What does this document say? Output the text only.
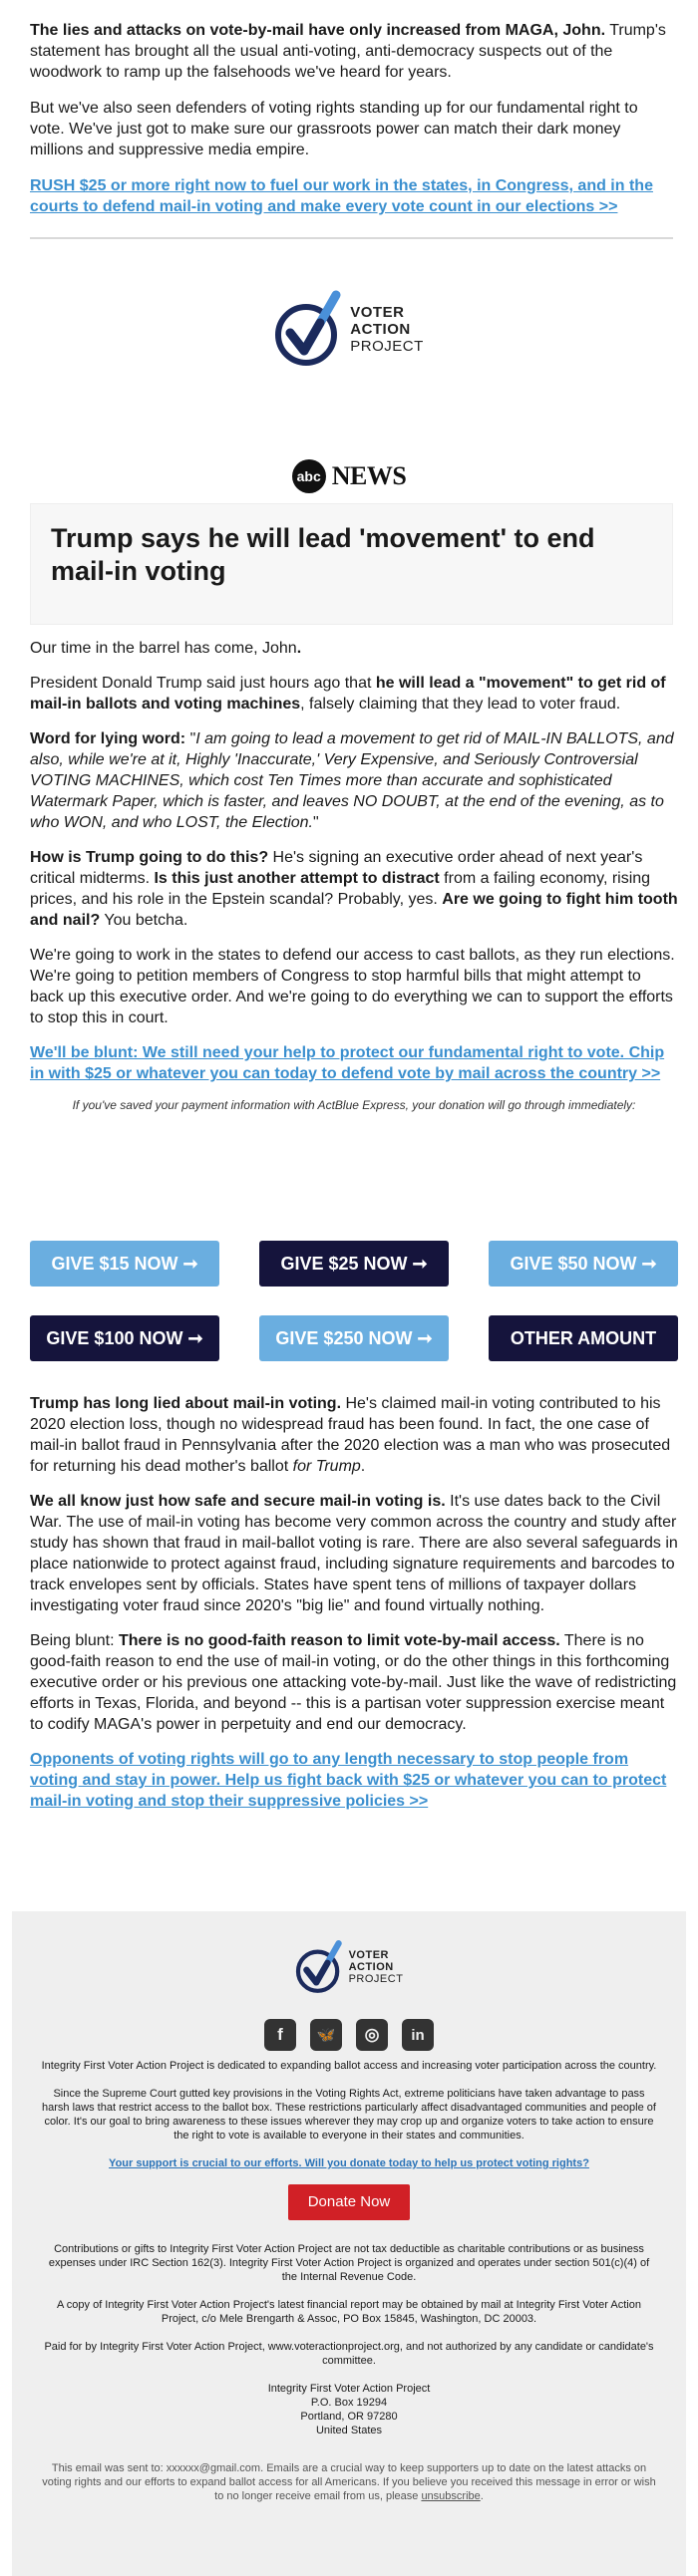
The lies and attacks on vote-by-mail have only increased from MAGA, John. Trump's statement has brought all the usual anti-voting, anti-democracy suspects out of the woodwork to ramp up the falsehoods we've heard for years.

But we've also seen defenders of voting rights standing up for our fundamental right to vote. We've just got to make sure our grassroots power can match their dark money millions and suppressive media empire.

RUSH $25 or more right now to fuel our work in the states, in Congress, and in the courts to defend mail-in voting and make every vote count in our elections >>
VOTER
ACTION
PROJECT
abc NEWS
Trump says he will lead 'movement' to end mail-in voting

Our time in the barrel has come, John.

President Donald Trump said just hours ago that he will lead a "movement" to get rid of mail-in ballots and voting machines, falsely claiming that they lead to voter fraud.

Word for lying word: "I am going to lead a movement to get rid of MAIL-IN BALLOTS, and also, while we're at it, Highly 'Inaccurate,' Very Expensive, and Seriously Controversial VOTING MACHINES, which cost Ten Times more than accurate and sophisticated Watermark Paper, which is faster, and leaves NO DOUBT, at the end of the evening, as to who WON, and who LOST, the Election."

How is Trump going to do this? He's signing an executive order ahead of next year's critical midterms. Is this just another attempt to distract from a failing economy, rising prices, and his role in the Epstein scandal? Probably, yes. Are we going to fight him tooth and nail? You betcha.

We're going to work in the states to defend our access to cast ballots, as they run elections. We're going to petition members of Congress to stop harmful bills that might attempt to back up this executive order. And we're going to do everything we can to support the efforts to stop this in court.

We'll be blunt: We still need your help to protect our fundamental right to vote. Chip in with $25 or whatever you can today to defend vote by mail across the country >>

If you've saved your payment information with ActBlue Express, your donation will go through immediately:

GIVE $15 NOW ➞	GIVE $25 NOW ➞	GIVE $50 NOW ➞
GIVE $100 NOW ➞	GIVE $250 NOW ➞	OTHER AMOUNT

Trump has long lied about mail-in voting. He's claimed mail-in voting contributed to his 2020 election loss, though no widespread fraud has been found. In fact, the one case of mail-in ballot fraud in Pennsylvania after the 2020 election was a man who was prosecuted for returning his dead mother's ballot for Trump.

We all know just how safe and secure mail-in voting is. It's use dates back to the Civil War. The use of mail-in voting has become very common across the country and study after study has shown that fraud in mail-ballot voting is rare. There are also several safeguards in place nationwide to protect against fraud, including signature requirements and barcodes to track envelopes sent by officials. States have spent tens of millions of taxpayer dollars investigating voter fraud since 2020's "big lie" and found virtually nothing.

Being blunt: There is no good-faith reason to limit vote-by-mail access. There is no good-faith reason to end the use of mail-in voting, or do the other things in this forthcoming executive order or his previous one attacking vote-by-mail. Just like the wave of redistricting efforts in Texas, Florida, and beyond -- this is a partisan voter suppression exercise meant to codify MAGA's power in perpetuity and end our democracy.

Opponents of voting rights will go to any length necessary to stop people from voting and stay in power. Help us fight back with $25 or whatever you can to protect mail-in voting and stop their suppressive policies >>
VOTER
ACTION
PROJECT
f	🦋	◎	in

Integrity First Voter Action Project is dedicated to expanding ballot access and increasing voter participation across the country.

Since the Supreme Court gutted key provisions in the Voting Rights Act, extreme politicians have taken advantage to pass harsh laws that restrict access to the ballot box. These restrictions particularly affect disadvantaged communities and people of color. It's our goal to bring awareness to these issues wherever they may crop up and organize voters to take action to ensure the right to vote is available to everyone in their states and communities.

Your support is crucial to our efforts. Will you donate today to help us protect voting rights?

Donate Now

Contributions or gifts to Integrity First Voter Action Project are not tax deductible as charitable contributions or as business expenses under IRC Section 162(3). Integrity First Voter Action Project is organized and operates under section 501(c)(4) of the Internal Revenue Code.

A copy of Integrity First Voter Action Project's latest financial report may be obtained by mail at Integrity First Voter Action Project, c/o Mele Brengarth & Assoc, PO Box 15845, Washington, DC 20003.

Paid for by Integrity First Voter Action Project, www.voteractionproject.org, and not authorized by any candidate or candidate's committee.

Integrity First Voter Action Project
P.O. Box 19294
Portland, OR 97280
United States

This email was sent to: xxxxxx@gmail.com. Emails are a crucial way to keep supporters up to date on the latest attacks on voting rights and our efforts to expand ballot access for all Americans. If you believe you received this message in error or wish to no longer receive email from us, please unsubscribe.
